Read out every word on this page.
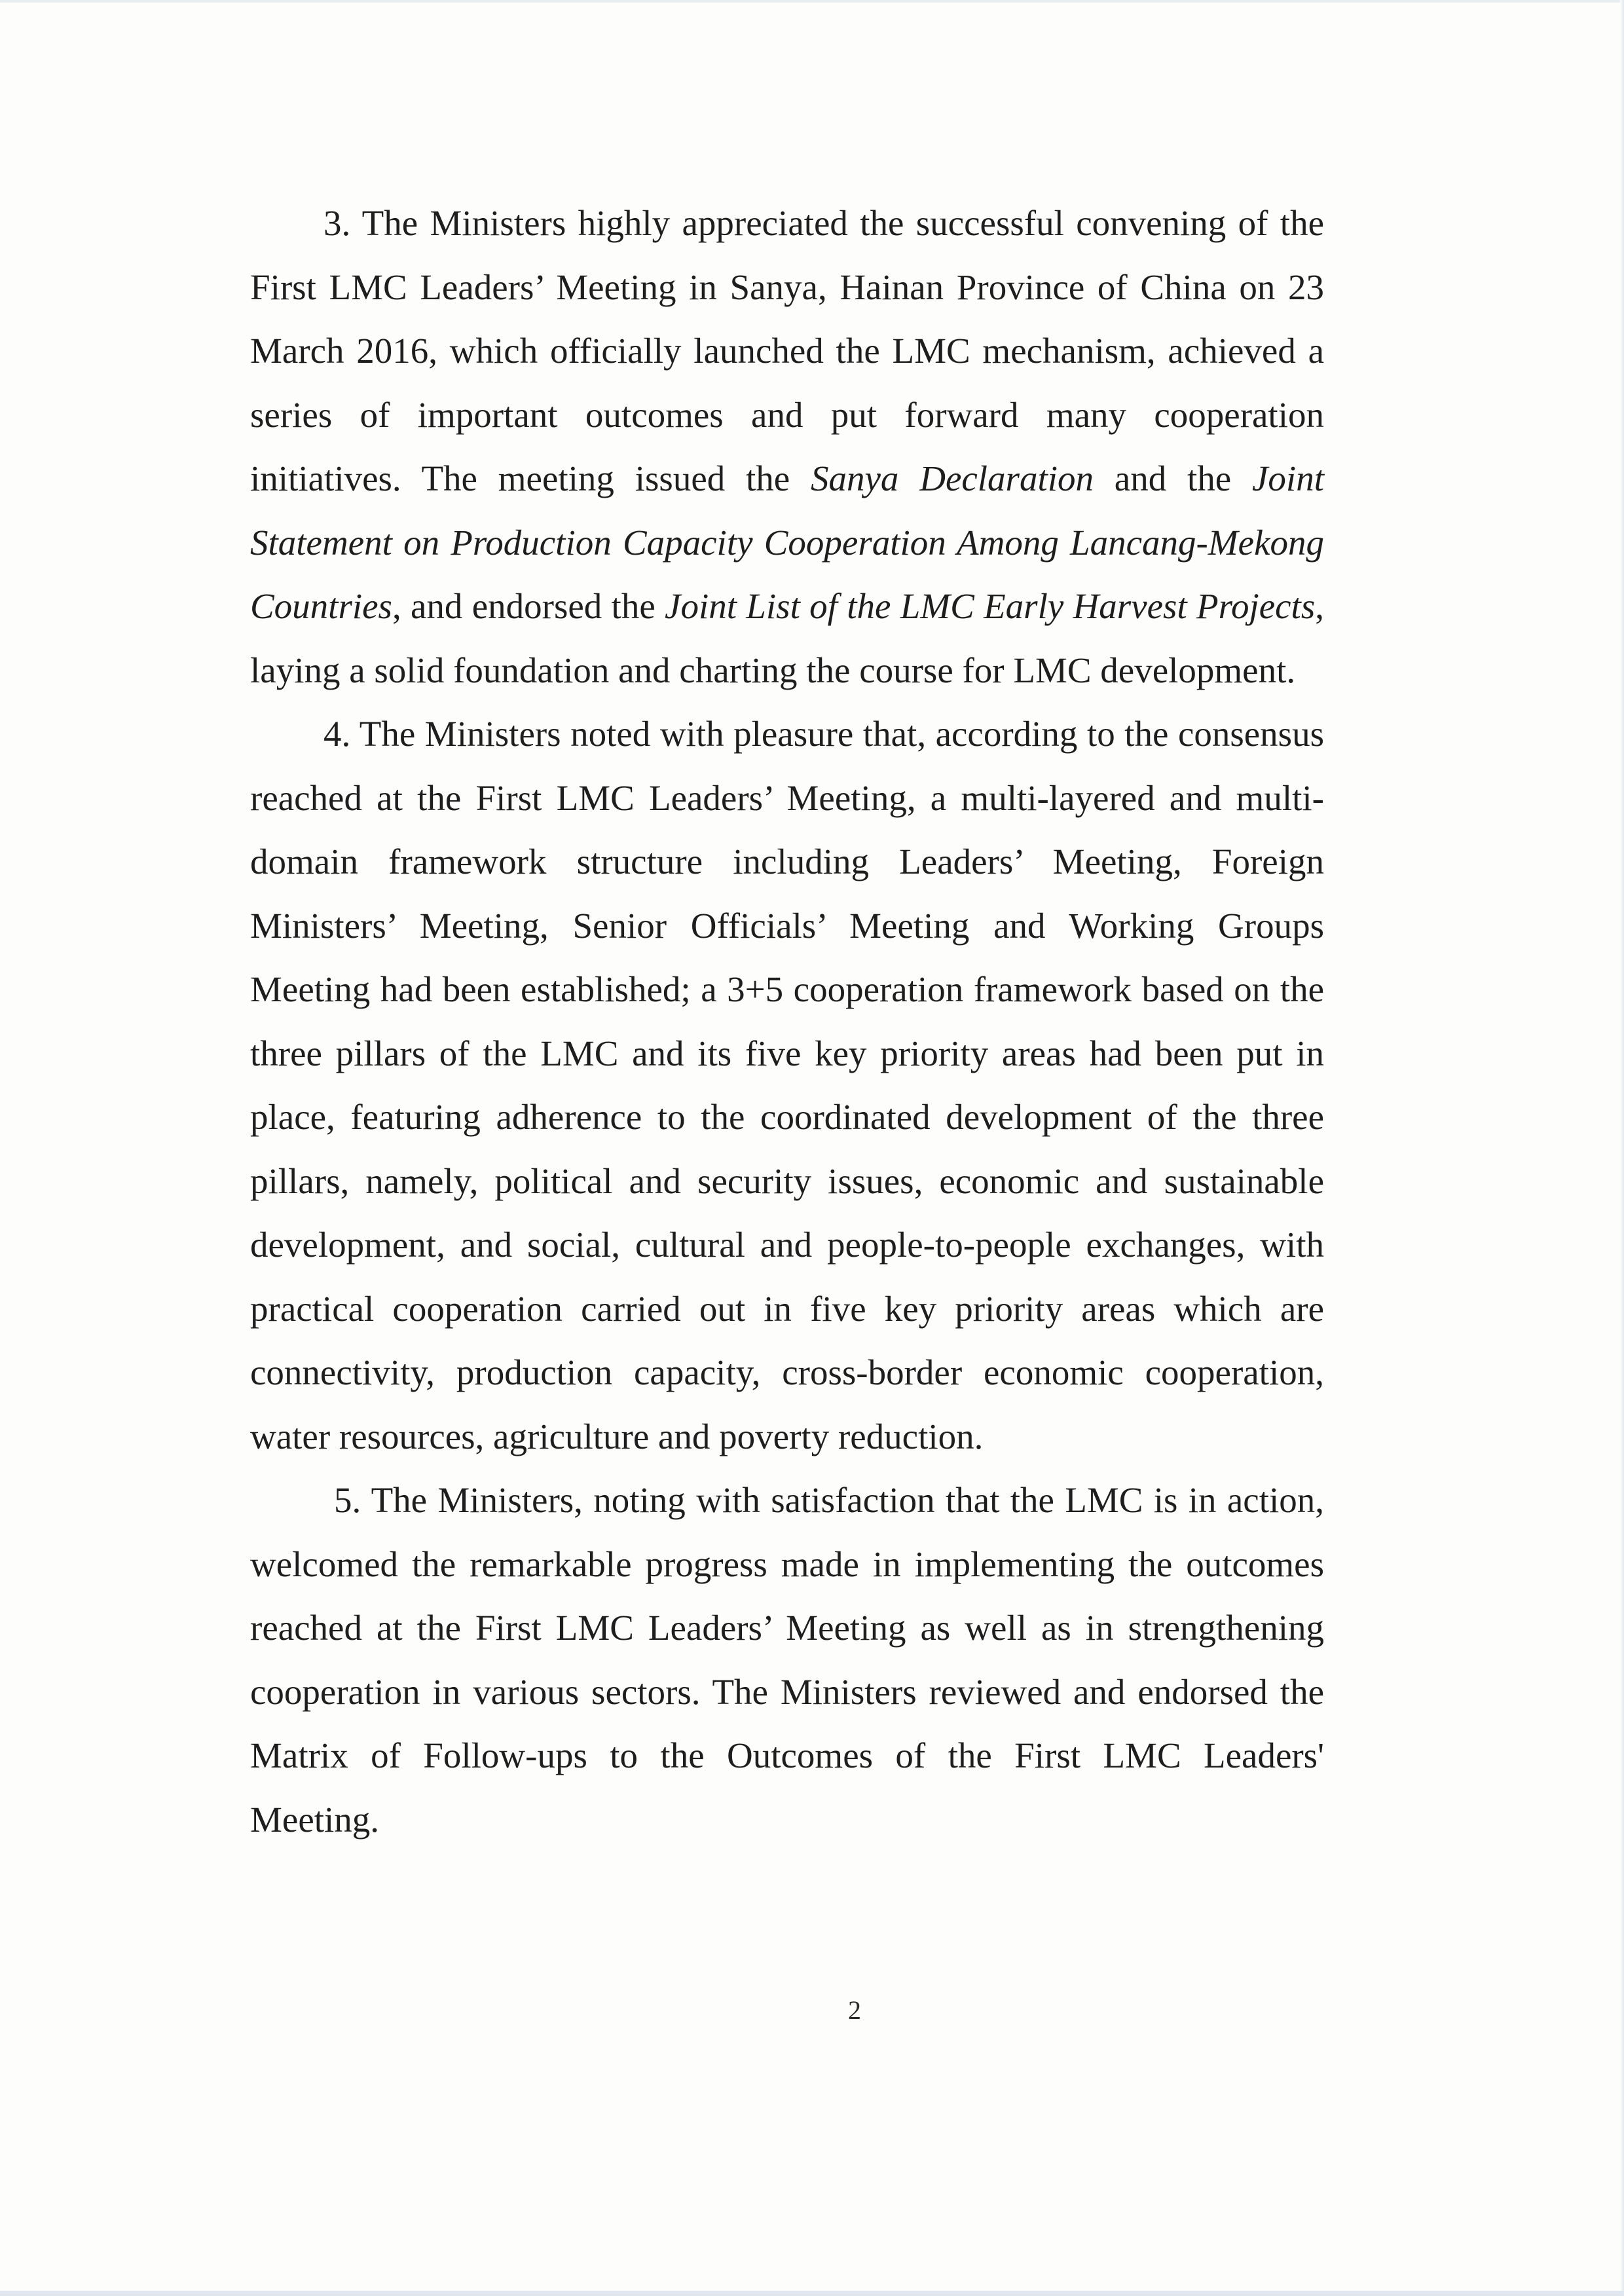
3. The Ministers highly appreciated the successful convening of the First LMC Leaders’ Meeting in Sanya, Hainan Province of China on 23 March 2016, which officially launched the LMC mechanism, achieved a series of important outcomes and put forward many cooperation initiatives. The meeting issued the Sanya Declaration and the Joint Statement on Production Capacity Cooperation Among Lancang-Mekong Countries, and endorsed the Joint List of the LMC Early Harvest Projects, laying a solid foundation and charting the course for LMC development.

4. The Ministers noted with pleasure that, according to the consensus reached at the First LMC Leaders’ Meeting, a multi-layered and multi-domain framework structure including Leaders’ Meeting, Foreign Ministers’ Meeting, Senior Officials’ Meeting and Working Groups Meeting had been established; a 3+5 cooperation framework based on the three pillars of the LMC and its five key priority areas had been put in place, featuring adherence to the coordinated development of the three pillars, namely, political and security issues, economic and sustainable development, and social, cultural and people-to-people exchanges, with practical cooperation carried out in five key priority areas which are connectivity, production capacity, cross-border economic cooperation, water resources, agriculture and poverty reduction.

5. The Ministers, noting with satisfaction that the LMC is in action, welcomed the remarkable progress made in implementing the outcomes reached at the First LMC Leaders’ Meeting as well as in strengthening cooperation in various sectors. The Ministers reviewed and endorsed the Matrix of Follow-ups to the Outcomes of the First LMC Leaders' Meeting.

2
